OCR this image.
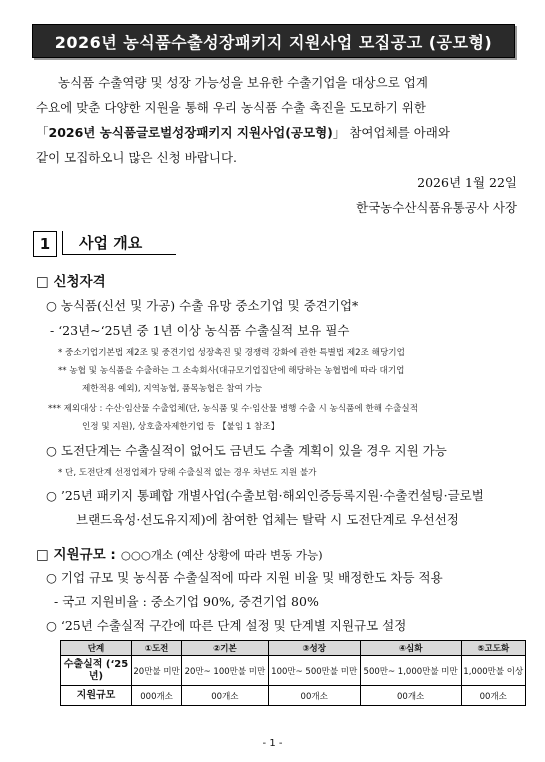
2026년 농식품수출성장패키지 지원사업 모집공고 (공모형)
농식품 수출역량 및 성장 가능성을 보유한 수출기업을 대상으로 업계
수요에 맞춘 다양한 지원을 통해 우리 농식품 수출 촉진을 도모하기 위한
「2026년 농식품글로벌성장패키지 지원사업(공모형)」 참여업체를 아래와
같이 모집하오니 많은 신청 바랍니다.
2026년 1월 22일
한국농수산식품유통공사 사장
1	사업 개요
□ 신청자격
○ 농식품(신선 및 가공) 수출 유망 중소기업 및 중견기업*
- ‘23년~‘25년 중 1년 이상 농식품 수출실적 보유 필수
* 중소기업기본법 제2조 및 중견기업 성장촉진 및 경쟁력 강화에 관한 특별법 제2조 해당기업
** 농협 및 농식품을 수출하는 그 소속회사(대규모기업집단에 해당하는 농협법에 따라 대기업
제한적용 예외), 지역농협, 품목농협은 참여 가능
*** 제외대상 : 수산·임산물 수출업체(단, 농식품 및 수·임산물 병행 수출 시 농식품에 한해 수출실적
인정 및 지원), 상호출자제한기업 등 【붙임 1 참조】
○ 도전단계는 수출실적이 없어도 금년도 수출 계획이 있을 경우 지원 가능
* 단, 도전단계 선정업체가 당해 수출실적 없는 경우 차년도 지원 불가
○ ’25년 패키지 통폐합 개별사업(수출보험·해외인증등록지원·수출컨설팅·글로벌
브랜드육성·선도유지제)에 참여한 업체는 탈락 시 도전단계로 우선선정
□ 지원규모 : ○○○개소 (예산 상황에 따라 변동 가능)
○ 기업 규모 및 농식품 수출실적에 따라 지원 비율 및 배정한도 차등 적용
- 국고 지원비율 : 중소기업 90%, 중견기업 80%
○ ‘25년 수출실적 구간에 따른 단계 설정 및 단계별 지원규모 설정
단계	①도전	②기본	③성장	④심화	⑤고도화
수출실적 (‘25년)	20만불 미만	20만~ 100만불 미만	100만~ 500만불 미만	500만~ 1,000만불 미만	1,000만불 이상
지원규모	000개소	00개소	00개소	00개소	00개소
- 1 -
